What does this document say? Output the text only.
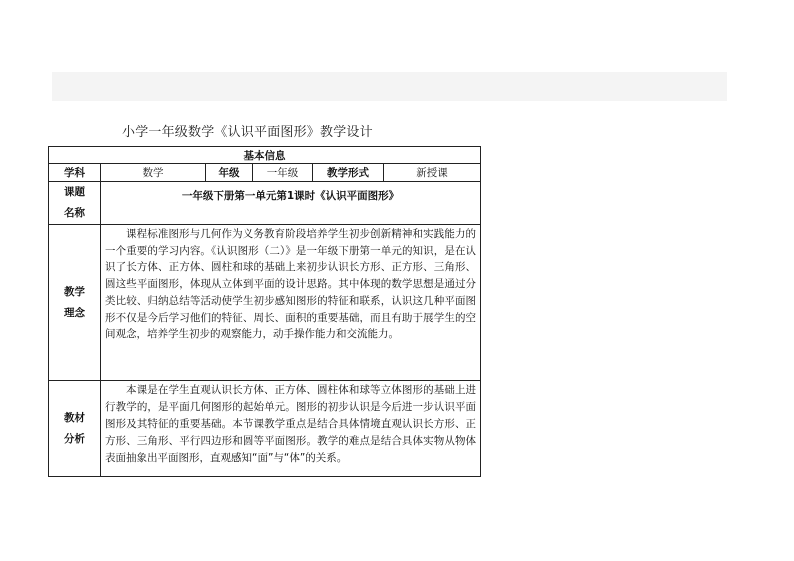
小学一年级数学《认识平面图形》教学设计
基本信息					
学科	数学	年级	一年级	教学形式	新授课

课题
名称	一年级下册第一单元第1课时《认识平面图形》				

教学
理念	课程标准图形与几何作为义务教育阶段培养学生初步创新精神和实践能力的一个重要的学习内容。《认识图形（二）》是一年级下册第一单元的知识，是在认识了长方体、正方体、圆柱和球的基础上来初步认识长方形、正方形、三角形、圆这些平面图形，体现从立体到平面的设计思路。其中体现的数学思想是通过分类比较、归纳总结等活动使学生初步感知图形的特征和联系，认识这几种平面图形不仅是今后学习他们的特征、周长、面积的重要基础，而且有助于展学生的空间观念，培养学生初步的观察能力，动手操作能力和交流能力。				

教材
分析	本课是在学生直观认识长方体、正方体、圆柱体和球等立体图形的基础上进行教学的，是平面几何图形的起始单元。图形的初步认识是今后进一步认识平面图形及其特征的重要基础。本节课教学重点是结合具体情境直观认识长方形、正方形、三角形、平行四边形和圆等平面图形。教学的难点是结合具体实物从物体表面抽象出平面图形，直观感知“面”与“体”的关系。				
